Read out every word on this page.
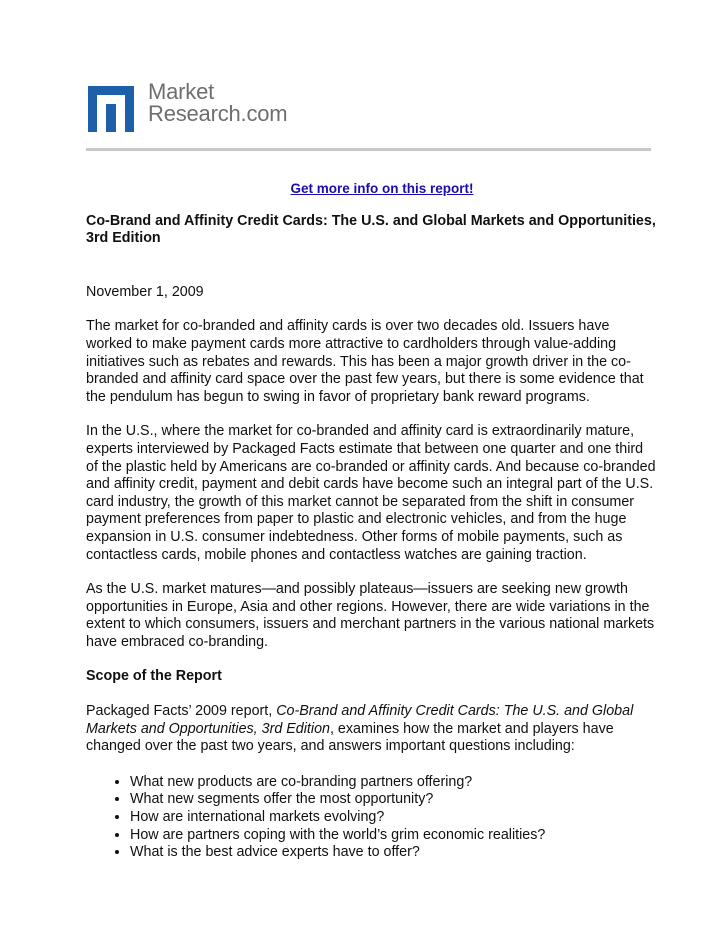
Market
Research.com
Get more info on this report!

Co-Brand and Affinity Credit Cards: The U.S. and Global Markets and Opportunities, 3rd Edition

November 1, 2009

The market for co-branded and affinity cards is over two decades old. Issuers have worked to make payment cards more attractive to cardholders through value-adding initiatives such as rebates and rewards. This has been a major growth driver in the co-branded and affinity card space over the past few years, but there is some evidence that the pendulum has begun to swing in favor of proprietary bank reward programs.

In the U.S., where the market for co-branded and affinity card is extraordinarily mature, experts interviewed by Packaged Facts estimate that between one quarter and one third of the plastic held by Americans are co-branded or affinity cards. And because co-branded and affinity credit, payment and debit cards have become such an integral part of the U.S. card industry, the growth of this market cannot be separated from the shift in consumer payment preferences from paper to plastic and electronic vehicles, and from the huge expansion in U.S. consumer indebtedness. Other forms of mobile payments, such as contactless cards, mobile phones and contactless watches are gaining traction.

As the U.S. market matures—and possibly plateaus—issuers are seeking new growth opportunities in Europe, Asia and other regions. However, there are wide variations in the extent to which consumers, issuers and merchant partners in the various national markets have embraced co-branding.

Scope of the Report

Packaged Facts’ 2009 report, Co-Brand and Affinity Credit Cards: The U.S. and Global Markets and Opportunities, 3rd Edition, examines how the market and players have changed over the past two years, and answers important questions including:

• What new products are co-branding partners offering?
• What new segments offer the most opportunity?
• How are international markets evolving?
• How are partners coping with the world’s grim economic realities?
• What is the best advice experts have to offer?
